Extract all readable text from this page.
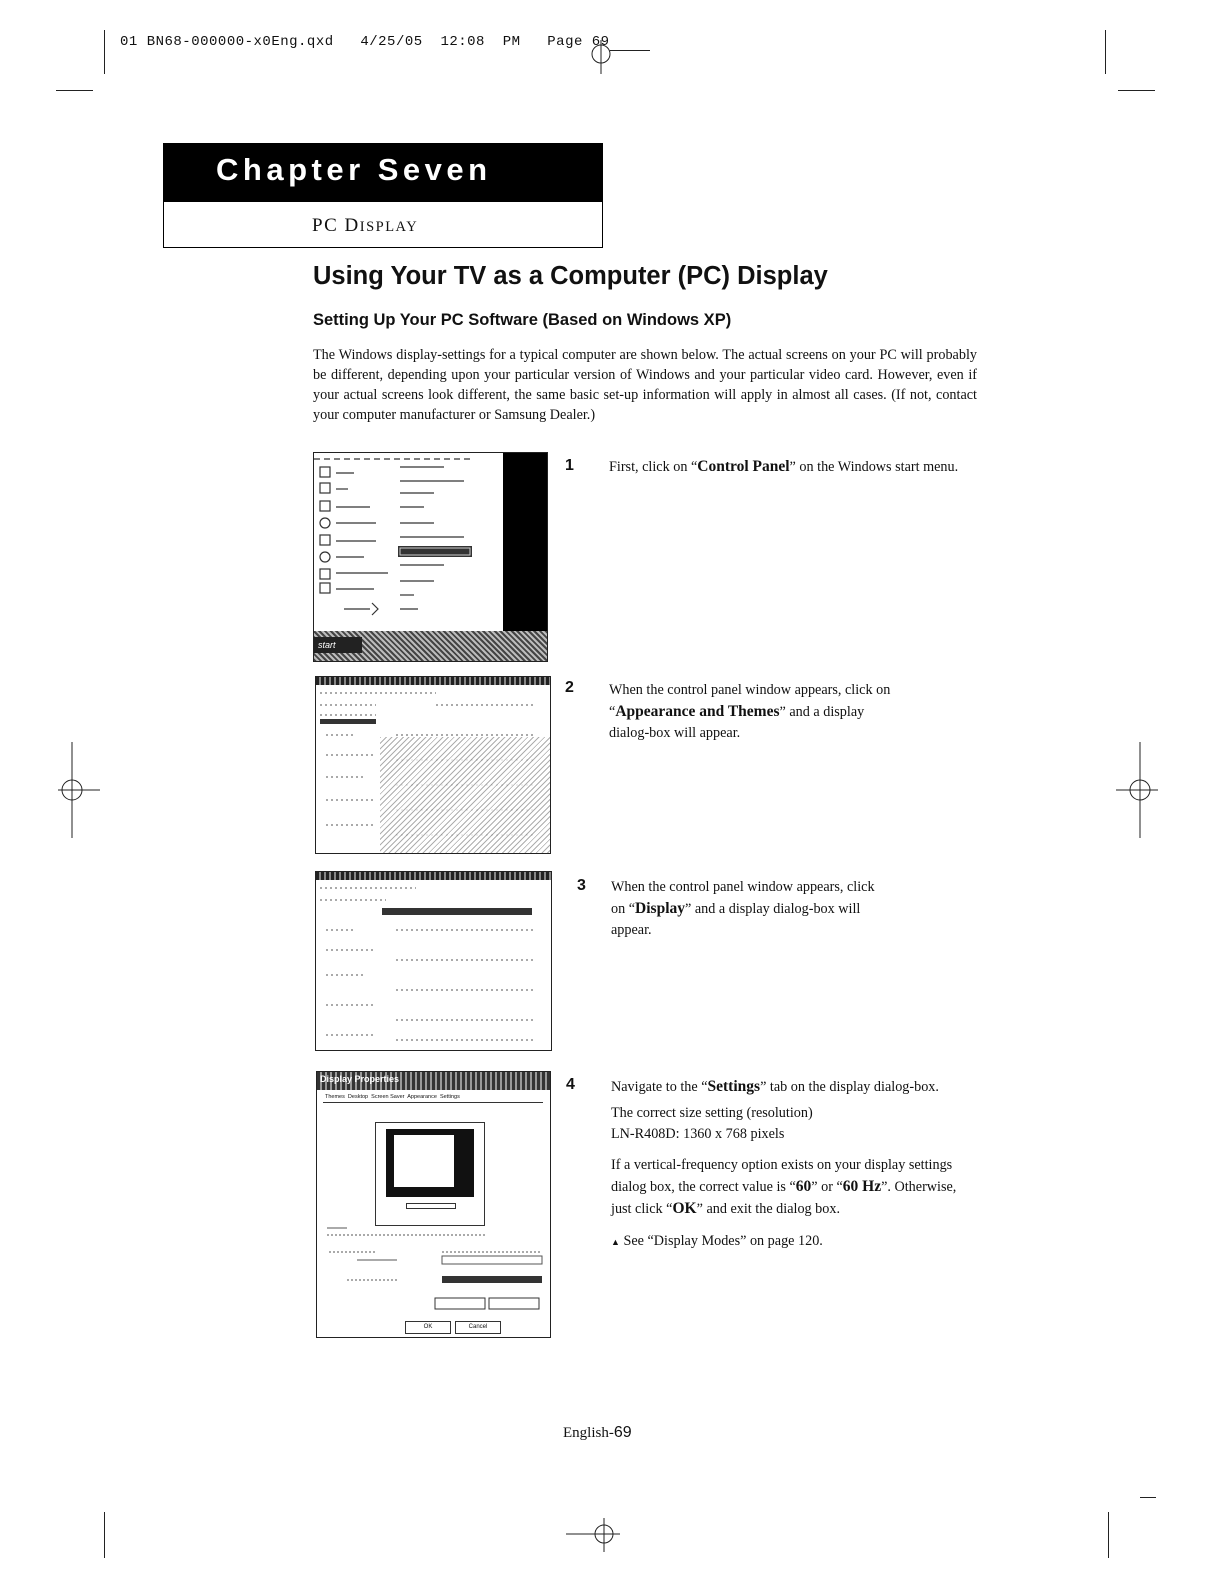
01 BN68-000000-x0Eng.qxd   4/25/05  12:08  PM   Page 69
Chapter Seven
PC DISPLAY
Using Your TV as a Computer (PC) Display
Setting Up Your PC Software (Based on Windows XP)
The Windows display-settings for a typical computer are shown below. The actual screens on your PC will probably be different, depending upon your particular version of Windows and your particular video card. However, even if your actual screens look different, the same basic set-up information will apply in almost all cases. (If not, contact your computer manufacturer or Samsung Dealer.)
start
Display Properties
Themes  Desktop  Screen Saver  Appearance  Settings
OK	Cancel
1 First, click on “Control Panel” on the Windows start menu.
2 When the control panel window appears, click on “Appearance and Themes” and a display dialog-box will appear.
3 When the control panel window appears, click on “Display” and a display dialog-box will appear.
4	Navigate to the “Settings” tab on the display dialog-box.
The correct size setting (resolution)
LN-R408D: 1360 x 768 pixels
If a vertical-frequency option exists on your display settings dialog box, the correct value is “60” or “60 Hz”. Otherwise, just click “OK” and exit the dialog box.
▲ See “Display Modes” on page 120.
English-69
